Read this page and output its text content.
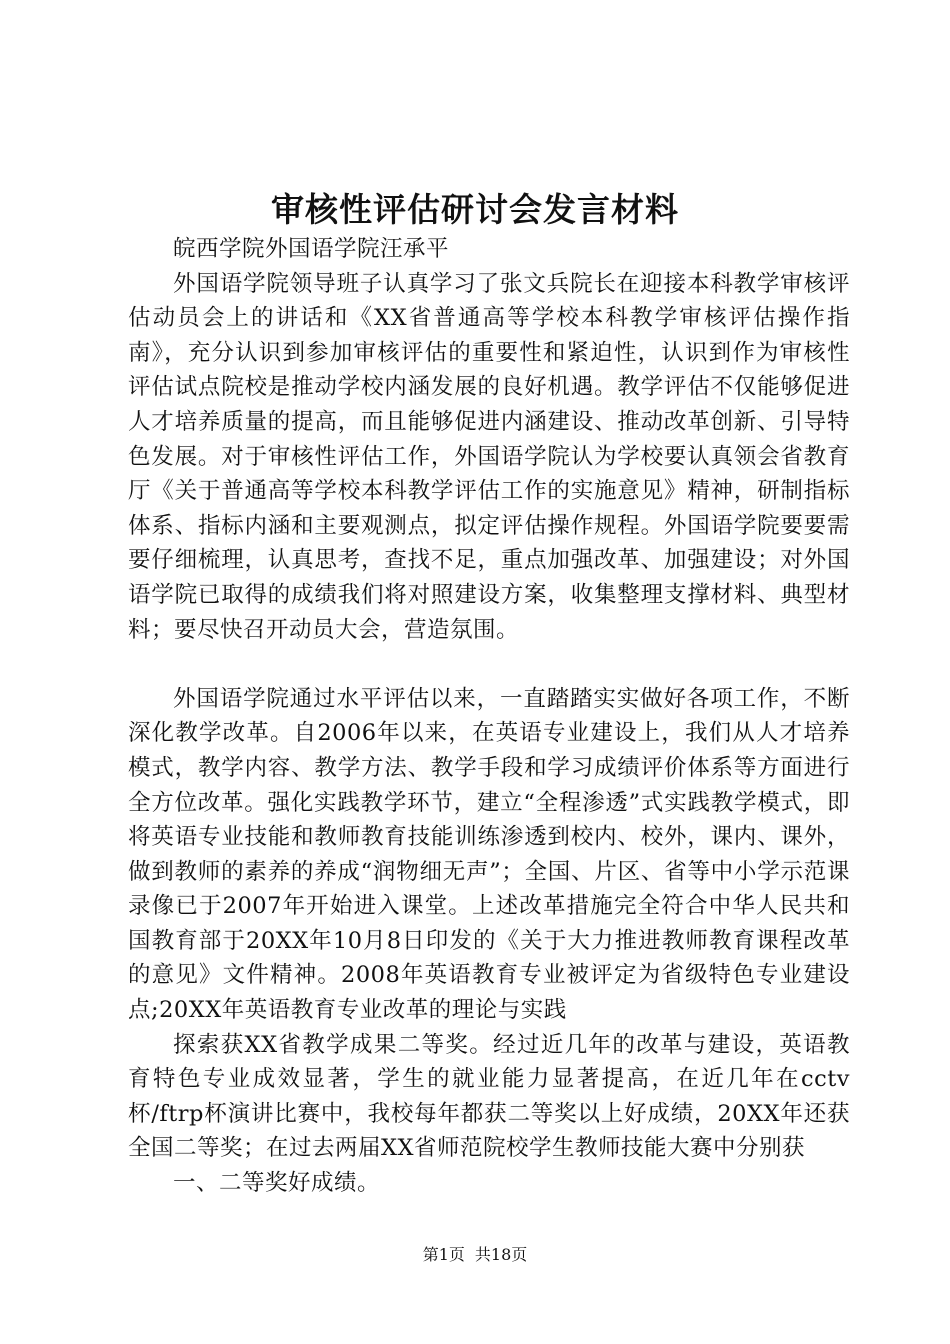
审核性评估研讨会发言材料

皖西学院外国语学院汪承平

外国语学院领导班子认真学习了张文兵院长在迎接本科教学审核评估动员会上的讲话和《XX省普通高等学校本科教学审核评估操作指南》，充分认识到参加审核评估的重要性和紧迫性，认识到作为审核性评估试点院校是推动学校内涵发展的良好机遇。教学评估不仅能够促进人才培养质量的提高，而且能够促进内涵建设、推动改革创新、引导特色发展。对于审核性评估工作，外国语学院认为学校要认真领会省教育厅《关于普通高等学校本科教学评估工作的实施意见》精神，研制指标体系、指标内涵和主要观测点，拟定评估操作规程。外国语学院要要需要仔细梳理，认真思考，查找不足，重点加强改革、加强建设；对外国语学院已取得的成绩我们将对照建设方案，收集整理支撑材料、典型材料；要尽快召开动员大会，营造氛围。

外国语学院通过水平评估以来，一直踏踏实实做好各项工作，不断深化教学改革。自2006年以来，在英语专业建设上，我们从人才培养模式，教学内容、教学方法、教学手段和学习成绩评价体系等方面进行全方位改革。强化实践教学环节，建立“全程渗透”式实践教学模式，即将英语专业技能和教师教育技能训练渗透到校内、校外，课内、课外，做到教师的素养的养成“润物细无声”；全国、片区、省等中小学示范课录像已于2007年开始进入课堂。上述改革措施完全符合中华人民共和国教育部于20XX年10月8日印发的《关于大力推进教师教育课程改革的意见》文件精神。2008年英语教育专业被评定为省级特色专业建设点;20XX年英语教育专业改革的理论与实践

探索获XX省教学成果二等奖。经过近几年的改革与建设，英语教育特色专业成效显著，学生的就业能力显著提高，在近几年在cctv杯/ftrp杯演讲比赛中，我校每年都获二等奖以上好成绩，20XX年还获全国二等奖；在过去两届XX省师范院校学生教师技能大赛中分别获

一、二等奖好成绩。

第1页 共18页
